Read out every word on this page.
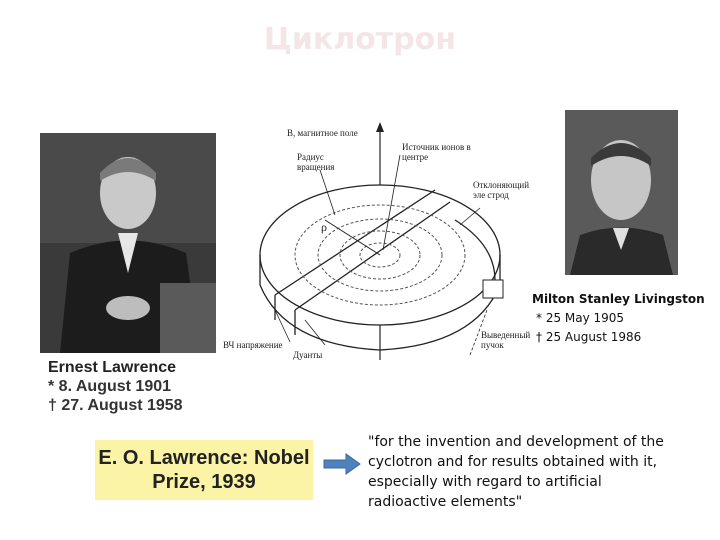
Циклотрон
Ernest Lawrence
* 8. August 1901
† 27. August 1958
Milton Stanley Livingston
* 25 May 1905
† 25 August 1986
B, магнитное поле
Источник ионов в центре
Радиус вращения
Отклоняющий эле строд
ρ
ВЧ напряжение
Дуанты
Выведенный пучок
E. O. Lawrence: Nobel
Prize, 1939
"for the invention and development of the cyclotron and for results obtained with it, especially with regard to artificial radioactive elements"
